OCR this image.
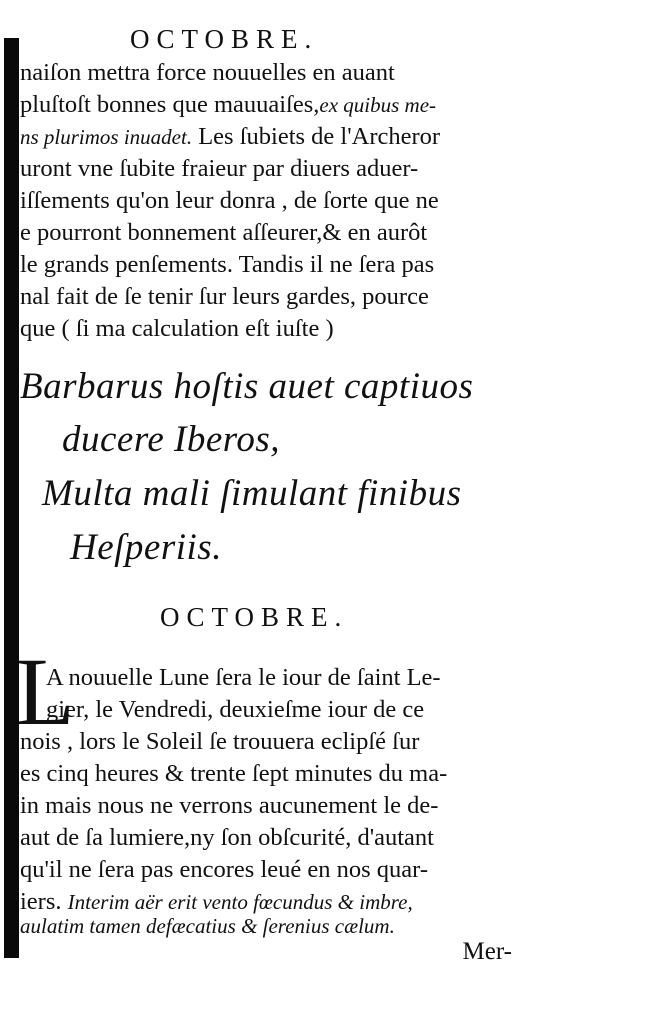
OCTOBRE.
naiſon mettra force nouuelles en auant
pluſtoſt bonnes que mauuaiſes,ex quibus me-
ns plurimos inuadet. Les ſubiets de l'Archeror
uront vne ſubite fraieur par diuers aduer-
iſſements qu'on leur donra , de ſorte que ne
e pourront bonnement aſſeurer,& en aurôt
le grands penſements. Tandis il ne ſera pas
nal fait de ſe tenir ſur leurs gardes, pource
que ( ſi ma calculation eſt iuſte )
Barbarus hoſtis auet captiuos
ducere Iberos,
Multa mali ſimulant finibus
Heſperiis.
OCTOBRE.
L
A nouuelle Lune ſera le iour de ſaint Le-
gier, le Vendredi, deuxieſme iour de ce
nois , lors le Soleil ſe trouuera eclipſé ſur
es cinq heures & trente ſept minutes du ma-
in mais nous ne verrons aucunement le de-
aut de ſa lumiere,ny ſon obſcurité, d'autant
qu'il ne ſera pas encores leué en nos quar-
iers. Interim aër erit vento fœcundus & imbre,
aulatim tamen defæcatius & ſerenius cælum.
Mer-
